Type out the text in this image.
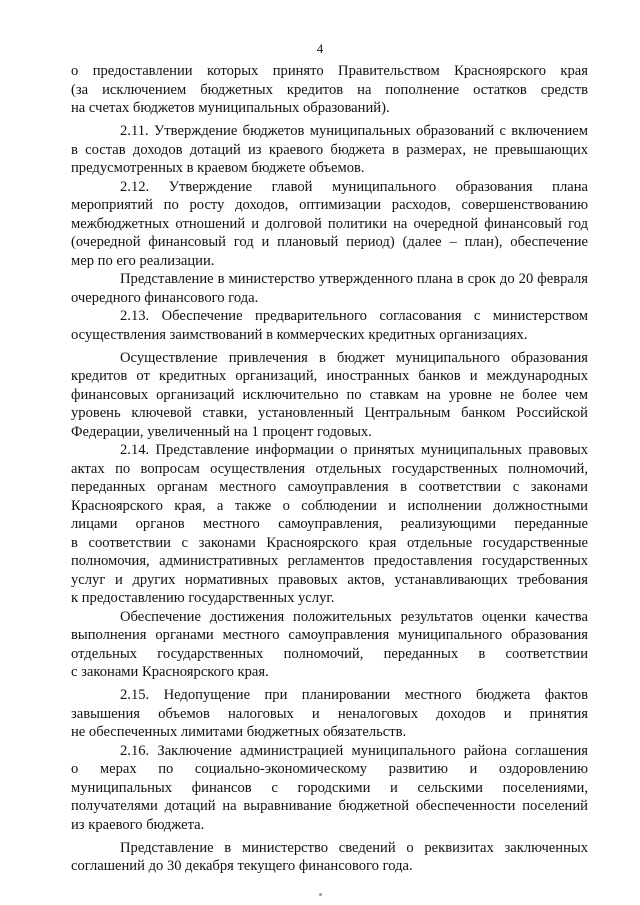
4
о предоставлении которых принято Правительством Красноярского края
(за исключением бюджетных кредитов на пополнение остатков средств
на счетах бюджетов муниципальных образований).
2.11. Утверждение бюджетов муниципальных образований с включением
в состав доходов дотаций из краевого бюджета в размерах, не превышающих
предусмотренных в краевом бюджете объемов.
2.12. Утверждение главой муниципального образования плана
мероприятий по росту доходов, оптимизации расходов, совершенствованию
межбюджетных отношений и долговой политики на очередной финансовый год
(очередной финансовый год и плановый период) (далее – план), обеспечение
мер по его реализации.
Представление в министерство утвержденного плана в срок до 20 февраля
очередного финансового года.
2.13. Обеспечение предварительного согласования с министерством
осуществления заимствований в коммерческих кредитных организациях.
Осуществление привлечения в бюджет муниципального образования
кредитов от кредитных организаций, иностранных банков и международных
финансовых организаций исключительно по ставкам на уровне не более чем
уровень ключевой ставки, установленный Центральным банком Российской
Федерации, увеличенный на 1 процент годовых.
2.14. Представление информации о принятых муниципальных правовых
актах по вопросам осуществления отдельных государственных полномочий,
переданных органам местного самоуправления в соответствии с законами
Красноярского края, а также о соблюдении и исполнении должностными
лицами органов местного самоуправления, реализующими переданные
в соответствии с законами Красноярского края отдельные государственные
полномочия, административных регламентов предоставления государственных
услуг и других нормативных правовых актов, устанавливающих требования
к предоставлению государственных услуг.
Обеспечение достижения положительных результатов оценки качества
выполнения органами местного самоуправления муниципального образования
отдельных государственных полномочий, переданных в соответствии
с законами Красноярского края.
2.15. Недопущение при планировании местного бюджета фактов
завышения объемов налоговых и неналоговых доходов и принятия
не обеспеченных лимитами бюджетных обязательств.
2.16. Заключение администрацией муниципального района соглашения
о мерах по социально-экономическому развитию и оздоровлению
муниципальных финансов с городскими и сельскими поселениями,
получателями дотаций на выравнивание бюджетной обеспеченности поселений
из краевого бюджета.
Представление в министерство сведений о реквизитах заключенных
соглашений до 30 декабря текущего финансового года.
